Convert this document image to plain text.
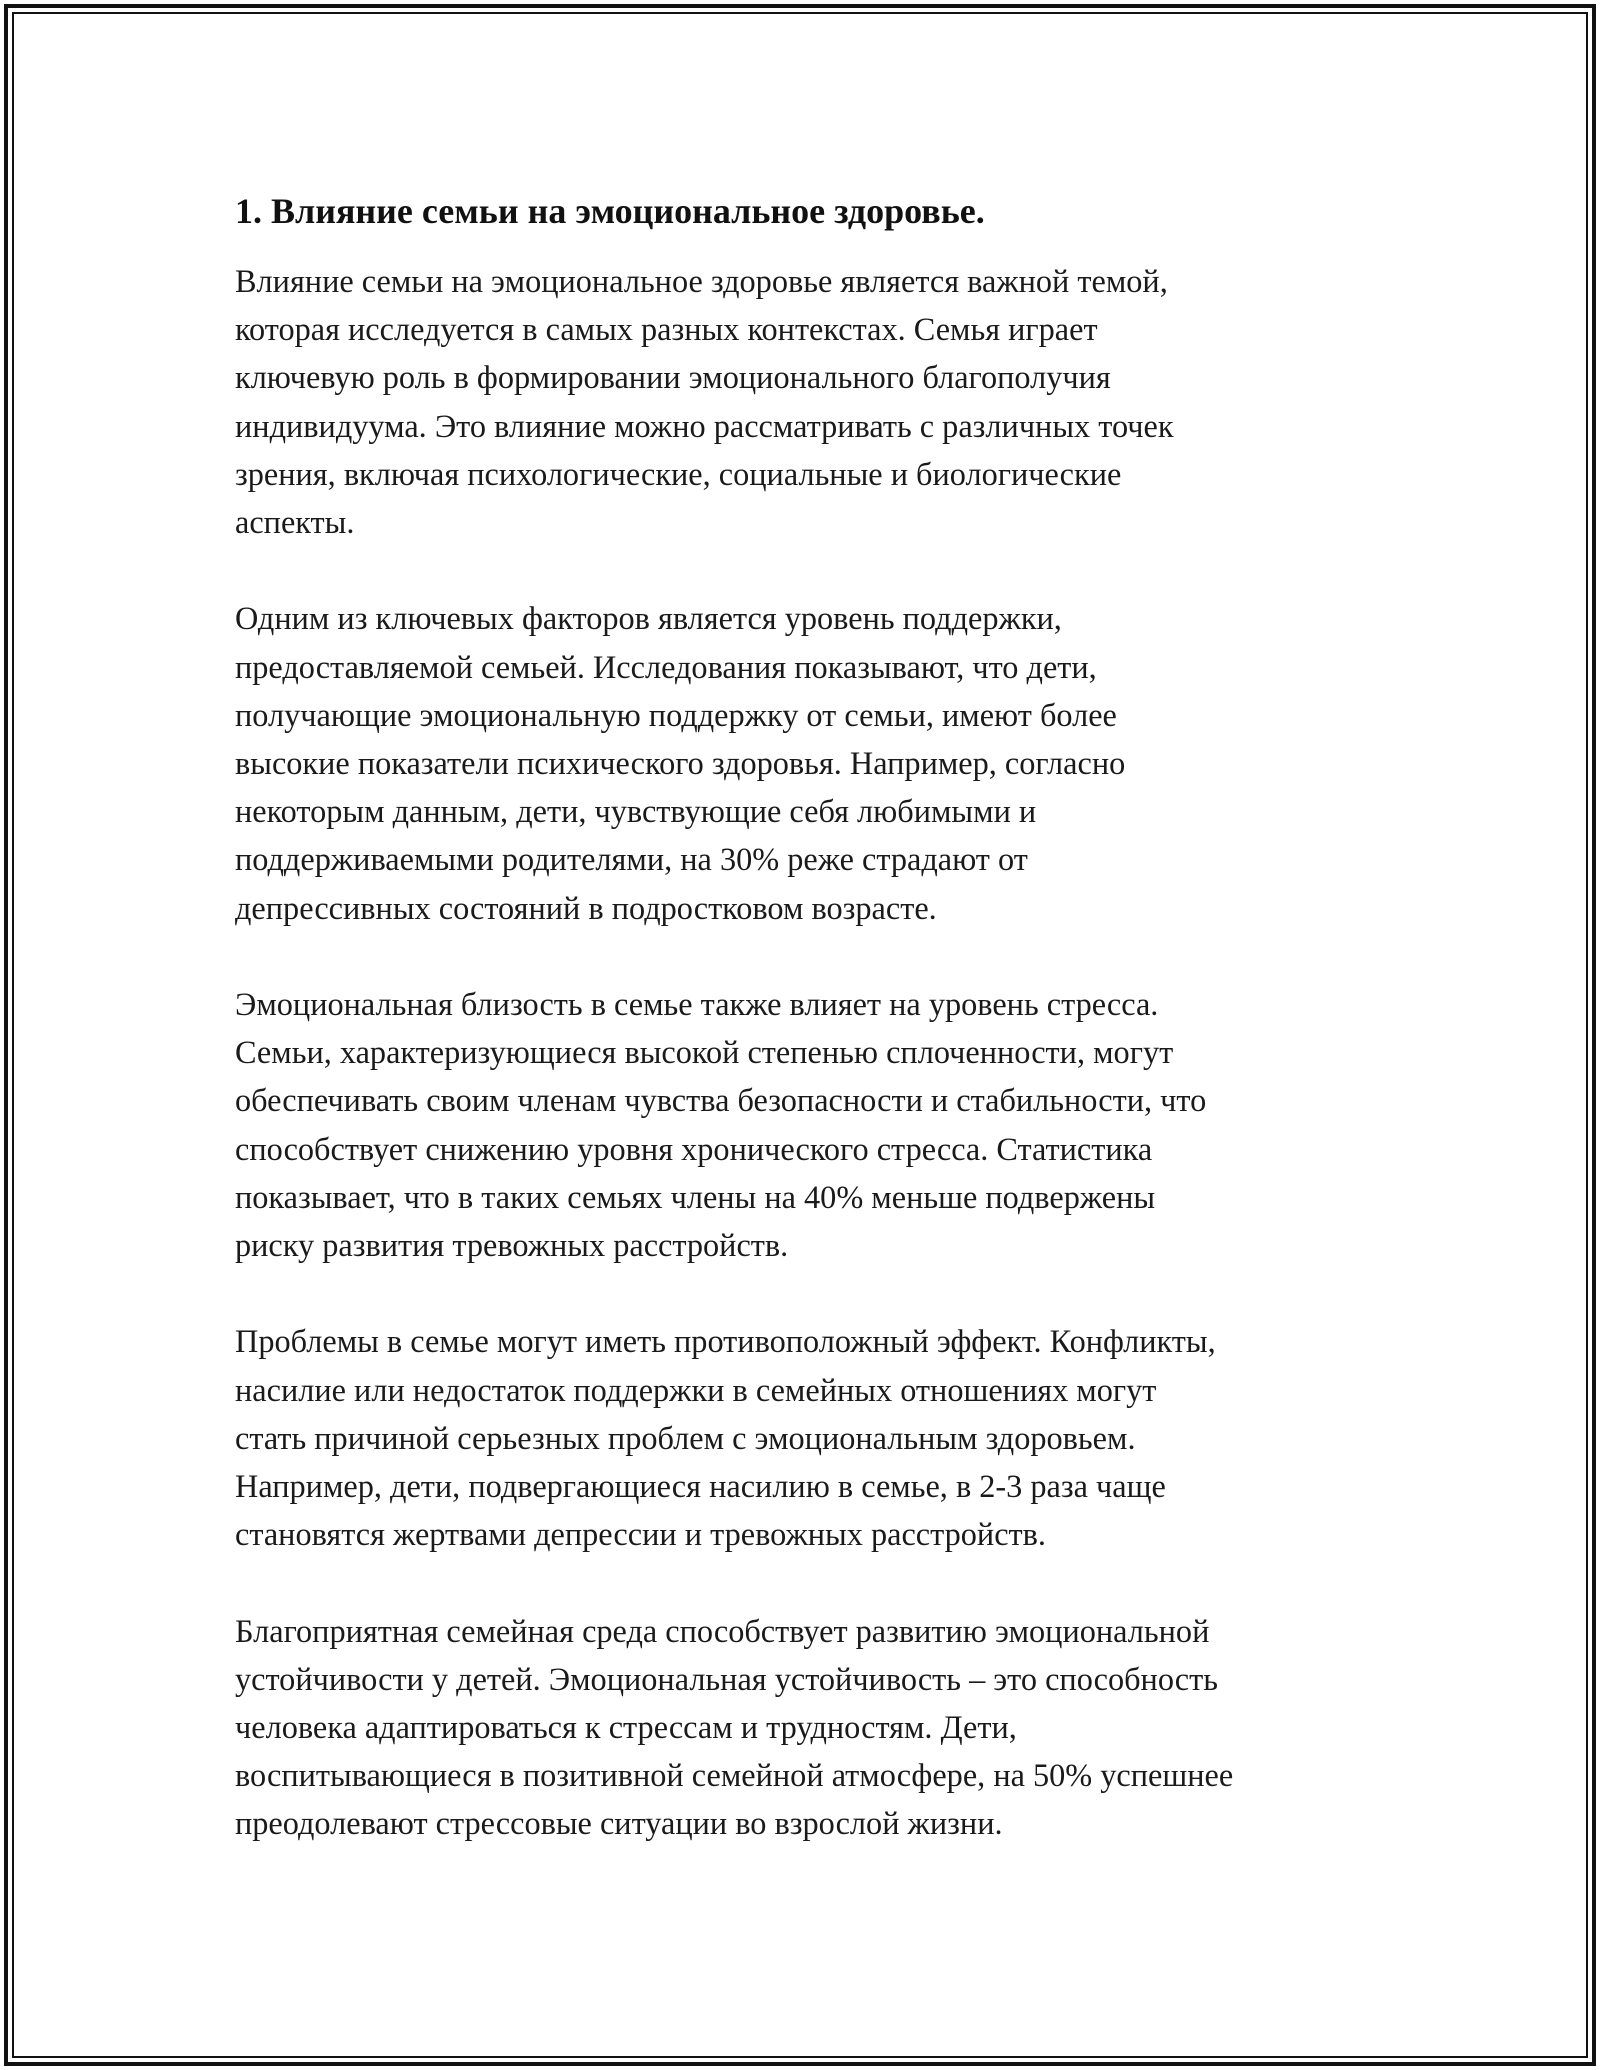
1. Влияние семьи на эмоциональное здоровье.

Влияние семьи на эмоциональное здоровье является важной темой,
которая исследуется в самых разных контекстах. Семья играет
ключевую роль в формировании эмоционального благополучия
индивидуума. Это влияние можно рассматривать с различных точек
зрения, включая психологические, социальные и биологические
аспекты.

Одним из ключевых факторов является уровень поддержки,
предоставляемой семьей. Исследования показывают, что дети,
получающие эмоциональную поддержку от семьи, имеют более
высокие показатели психического здоровья. Например, согласно
некоторым данным, дети, чувствующие себя любимыми и
поддерживаемыми родителями, на 30% реже страдают от
депрессивных состояний в подростковом возрасте.

Эмоциональная близость в семье также влияет на уровень стресса.
Семьи, характеризующиеся высокой степенью сплоченности, могут
обеспечивать своим членам чувства безопасности и стабильности, что
способствует снижению уровня хронического стресса. Статистика
показывает, что в таких семьях члены на 40% меньше подвержены
риску развития тревожных расстройств.

Проблемы в семье могут иметь противоположный эффект. Конфликты,
насилие или недостаток поддержки в семейных отношениях могут
стать причиной серьезных проблем с эмоциональным здоровьем.
Например, дети, подвергающиеся насилию в семье, в 2-3 раза чаще
становятся жертвами депрессии и тревожных расстройств.

Благоприятная семейная среда способствует развитию эмоциональной
устойчивости у детей. Эмоциональная устойчивость – это способность
человека адаптироваться к стрессам и трудностям. Дети,
воспитывающиеся в позитивной семейной атмосфере, на 50% успешнее
преодолевают стрессовые ситуации во взрослой жизни.
